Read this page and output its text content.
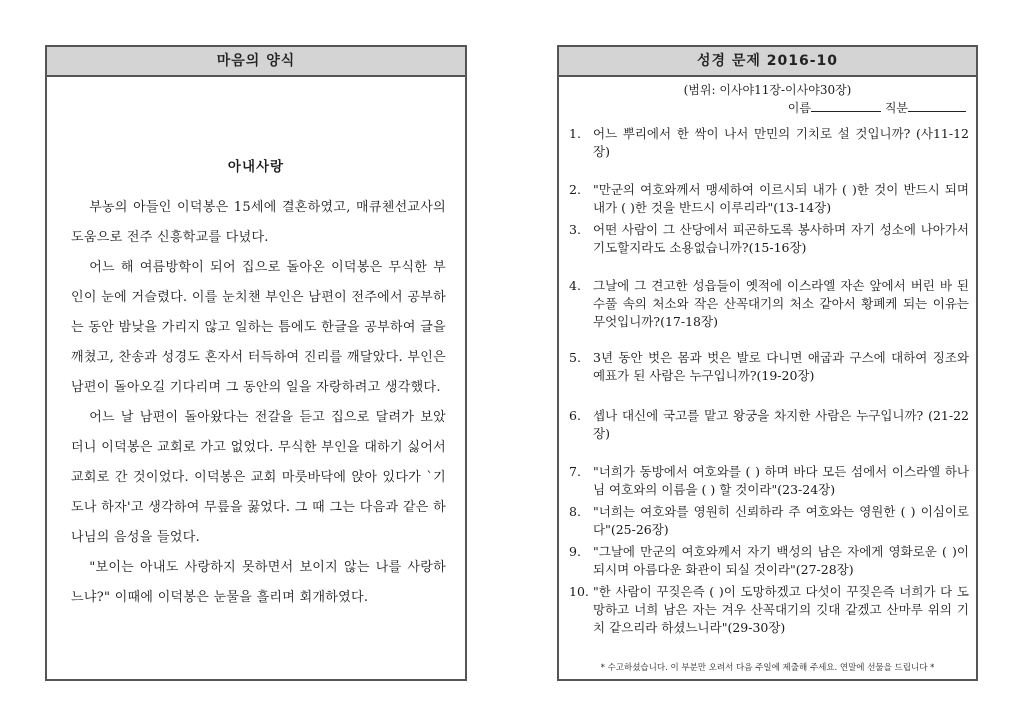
마음의 양식
아내사랑

부농의 아들인 이덕봉은 15세에 결혼하였고, 매큐첸선교사의 도움으로 전주 신흥학교를 다녔다.

어느 해 여름방학이 되어 집으로 돌아온 이덕봉은 무식한 부인이 눈에 거슬렸다. 이를 눈치챈 부인은 남편이 전주에서 공부하는 동안 밤낮을 가리지 않고 일하는 틈에도 한글을 공부하여 글을 깨쳤고, 찬송과 성경도 혼자서 터득하여 진리를 깨달았다. 부인은 남편이 돌아오길 기다리며 그 동안의 일을 자랑하려고 생각했다.

어느 날 남편이 돌아왔다는 전갈을 듣고 집으로 달려가 보았더니 이덕봉은 교회로 가고 없었다. 무식한 부인을 대하기 싫어서 교회로 간 것이었다. 이덕봉은 교회 마룻바닥에 앉아 있다가 `기도나 하자'고 생각하여 무릎을 꿇었다. 그 때 그는 다음과 같은 하나님의 음성을 들었다.

"보이는 아내도 사랑하지 못하면서 보이지 않는 나를 사랑하느냐?" 이때에 이덕봉은 눈물을 흘리며 회개하였다.

성경 문제 2016-10
(범위: 이사야11장-이사야30장)
이름	직분
1. 어느 뿌리에서 한 싹이 나서 만민의 기치로 설 것입니까? (사11-12장)
2. "만군의 여호와께서 맹세하여 이르시되 내가 ( )한 것이 반드시 되며 내가 ( )한 것을 반드시 이루리라"(13-14장)
3. 어떤 사람이 그 산당에서 피곤하도록 봉사하며 자기 성소에 나아가서 기도할지라도 소용없습니까?(15-16장)
4. 그날에 그 견고한 성읍들이 옛적에 이스라엘 자손 앞에서 버린 바 된 수풀 속의 처소와 작은 산꼭대기의 처소 같아서 황폐케 되는 이유는 무엇입니까?(17-18장)
5. 3년 동안 벗은 몸과 벗은 발로 다니면 애굽과 구스에 대하여 징조와 예표가 된 사람은 누구입니까?(19-20장)
6. 셉나 대신에 국고를 맡고 왕궁을 차지한 사람은 누구입니까? (21-22장)
7. "너희가 동방에서 여호와를 ( ) 하며 바다 모든 섬에서 이스라엘 하나님 여호와의 이름을 ( ) 할 것이라"(23-24장)
8. "너희는 여호와를 영원히 신뢰하라 주 여호와는 영원한 ( ) 이심이로다"(25-26장)
9. "그날에 만군의 여호와께서 자기 백성의 남은 자에게 영화로운 ( )이 되시며 아름다운 화관이 되실 것이라"(27-28장)
10. "한 사람이 꾸짖은즉 ( )이 도망하겠고 다섯이 꾸짖은즉 너희가 다 도망하고 너희 남은 자는 겨우 산꼭대기의 깃대 같겠고 산마루 위의 기치 같으리라 하셨느니라"(29-30장)
* 수고하셨습니다. 이 부분만 오려서 다음 주일에 제출해 주세요. 연말에 선물을 드립니다 *
